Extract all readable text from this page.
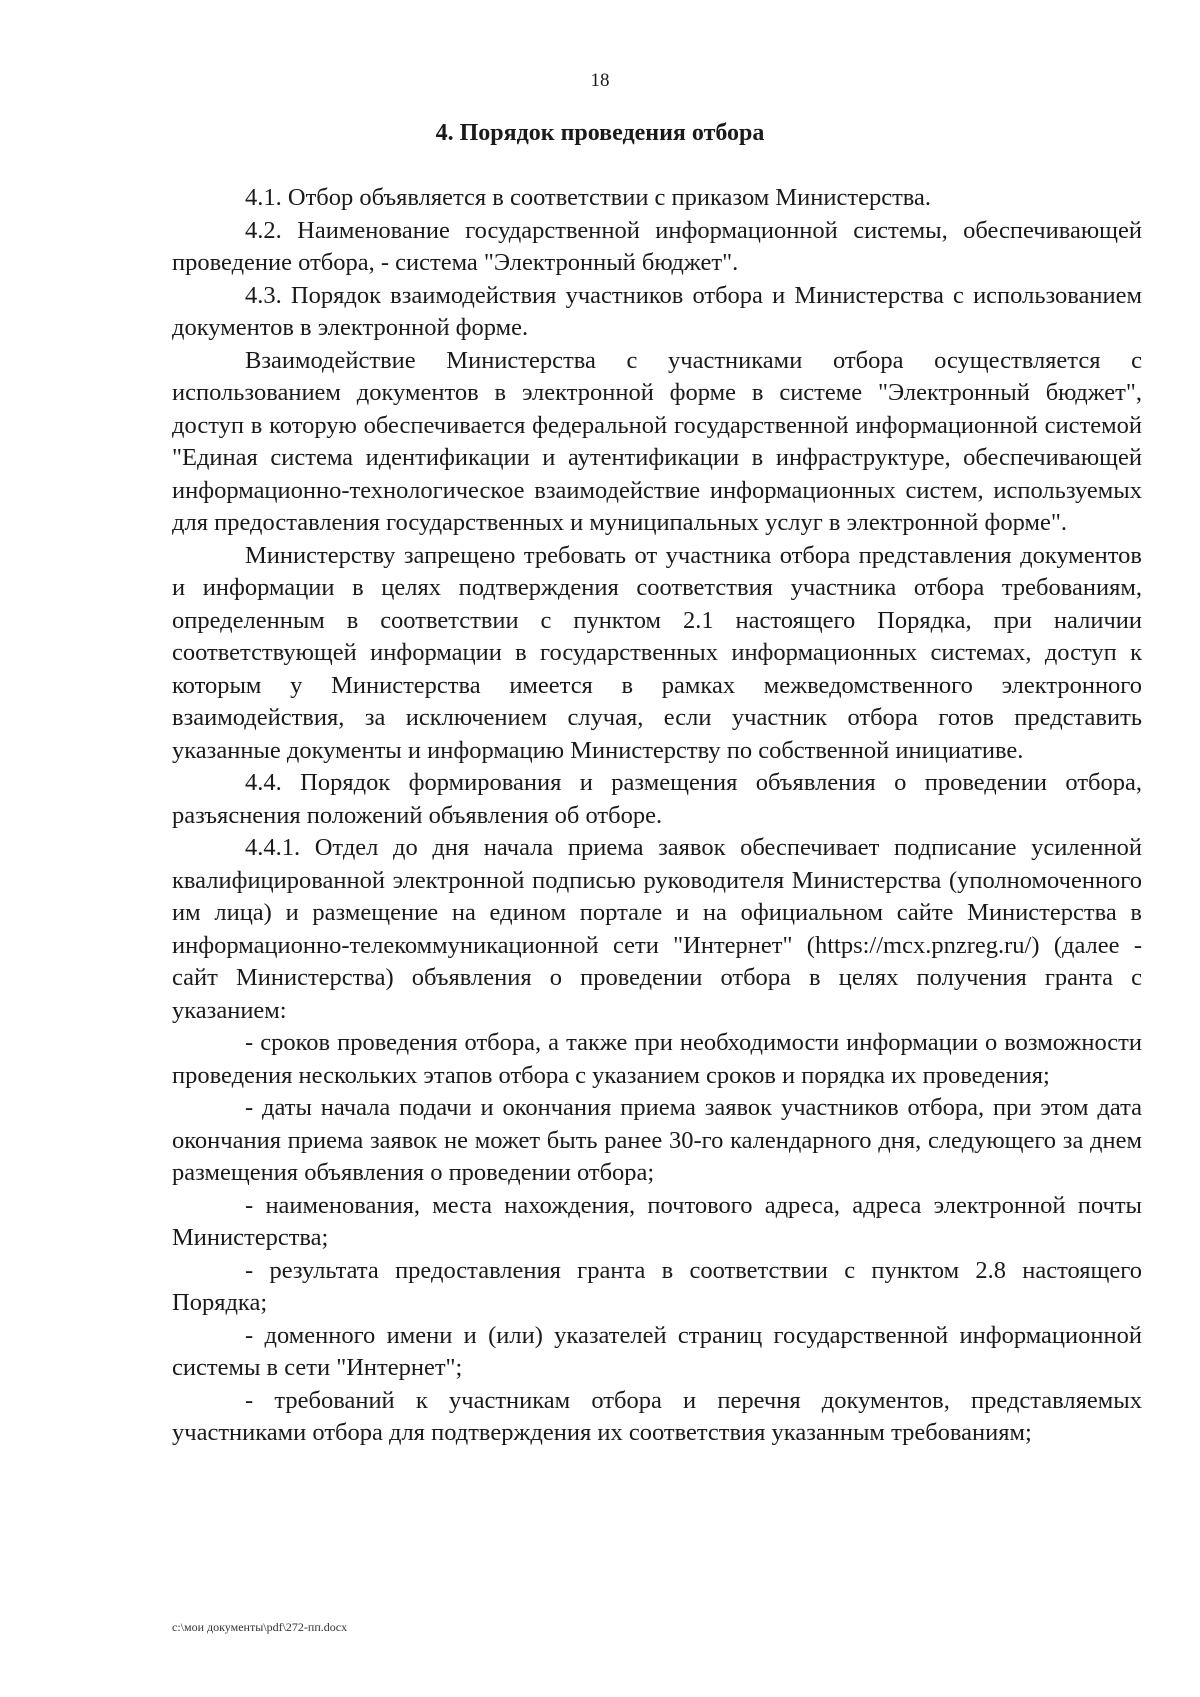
18
4. Порядок проведения отбора

4.1. Отбор объявляется в соответствии с приказом Министерства.

4.2. Наименование государственной информационной системы, обеспечивающей проведение отбора, - система "Электронный бюджет".

4.3. Порядок взаимодействия участников отбора и Министерства с использованием документов в электронной форме.

Взаимодействие Министерства с участниками отбора осуществляется с использованием документов в электронной форме в системе "Электронный бюджет", доступ в которую обеспечивается федеральной государственной информационной системой "Единая система идентификации и аутентификации в инфраструктуре, обеспечивающей информационно-технологическое взаимодействие информационных систем, используемых для предоставления государственных и муниципальных услуг в электронной форме".

Министерству запрещено требовать от участника отбора представления документов и информации в целях подтверждения соответствия участника отбора требованиям, определенным в соответствии с пунктом 2.1 настоящего Порядка, при наличии соответствующей информации в государственных информационных системах, доступ к которым у Министерства имеется в рамках межведомственного электронного взаимодействия, за исключением случая, если участник отбора готов представить указанные документы и информацию Министерству по собственной инициативе.

4.4. Порядок формирования и размещения объявления о проведении отбора, разъяснения положений объявления об отборе.

4.4.1. Отдел до дня начала приема заявок обеспечивает подписание усиленной квалифицированной электронной подписью руководителя Министерства (уполномоченного им лица) и размещение на едином портале и на официальном сайте Министерства в информационно-телекоммуникационной сети "Интернет" (https://mcx.pnzreg.ru/) (далее - сайт Министерства) объявления о проведении отбора в целях получения гранта с указанием:

- сроков проведения отбора, а также при необходимости информации о возможности проведения нескольких этапов отбора с указанием сроков и порядка их проведения;

- даты начала подачи и окончания приема заявок участников отбора, при этом дата окончания приема заявок не может быть ранее 30-го календарного дня, следующего за днем размещения объявления о проведении отбора;

- наименования, места нахождения, почтового адреса, адреса электронной почты Министерства;

- результата предоставления гранта в соответствии с пунктом 2.8 настоящего Порядка;

- доменного имени и (или) указателей страниц государственной информационной системы в сети "Интернет";

- требований к участникам отбора и перечня документов, представляемых участниками отбора для подтверждения их соответствия указанным требованиям;

c:\мои документы\pdf\272-пп.docx
